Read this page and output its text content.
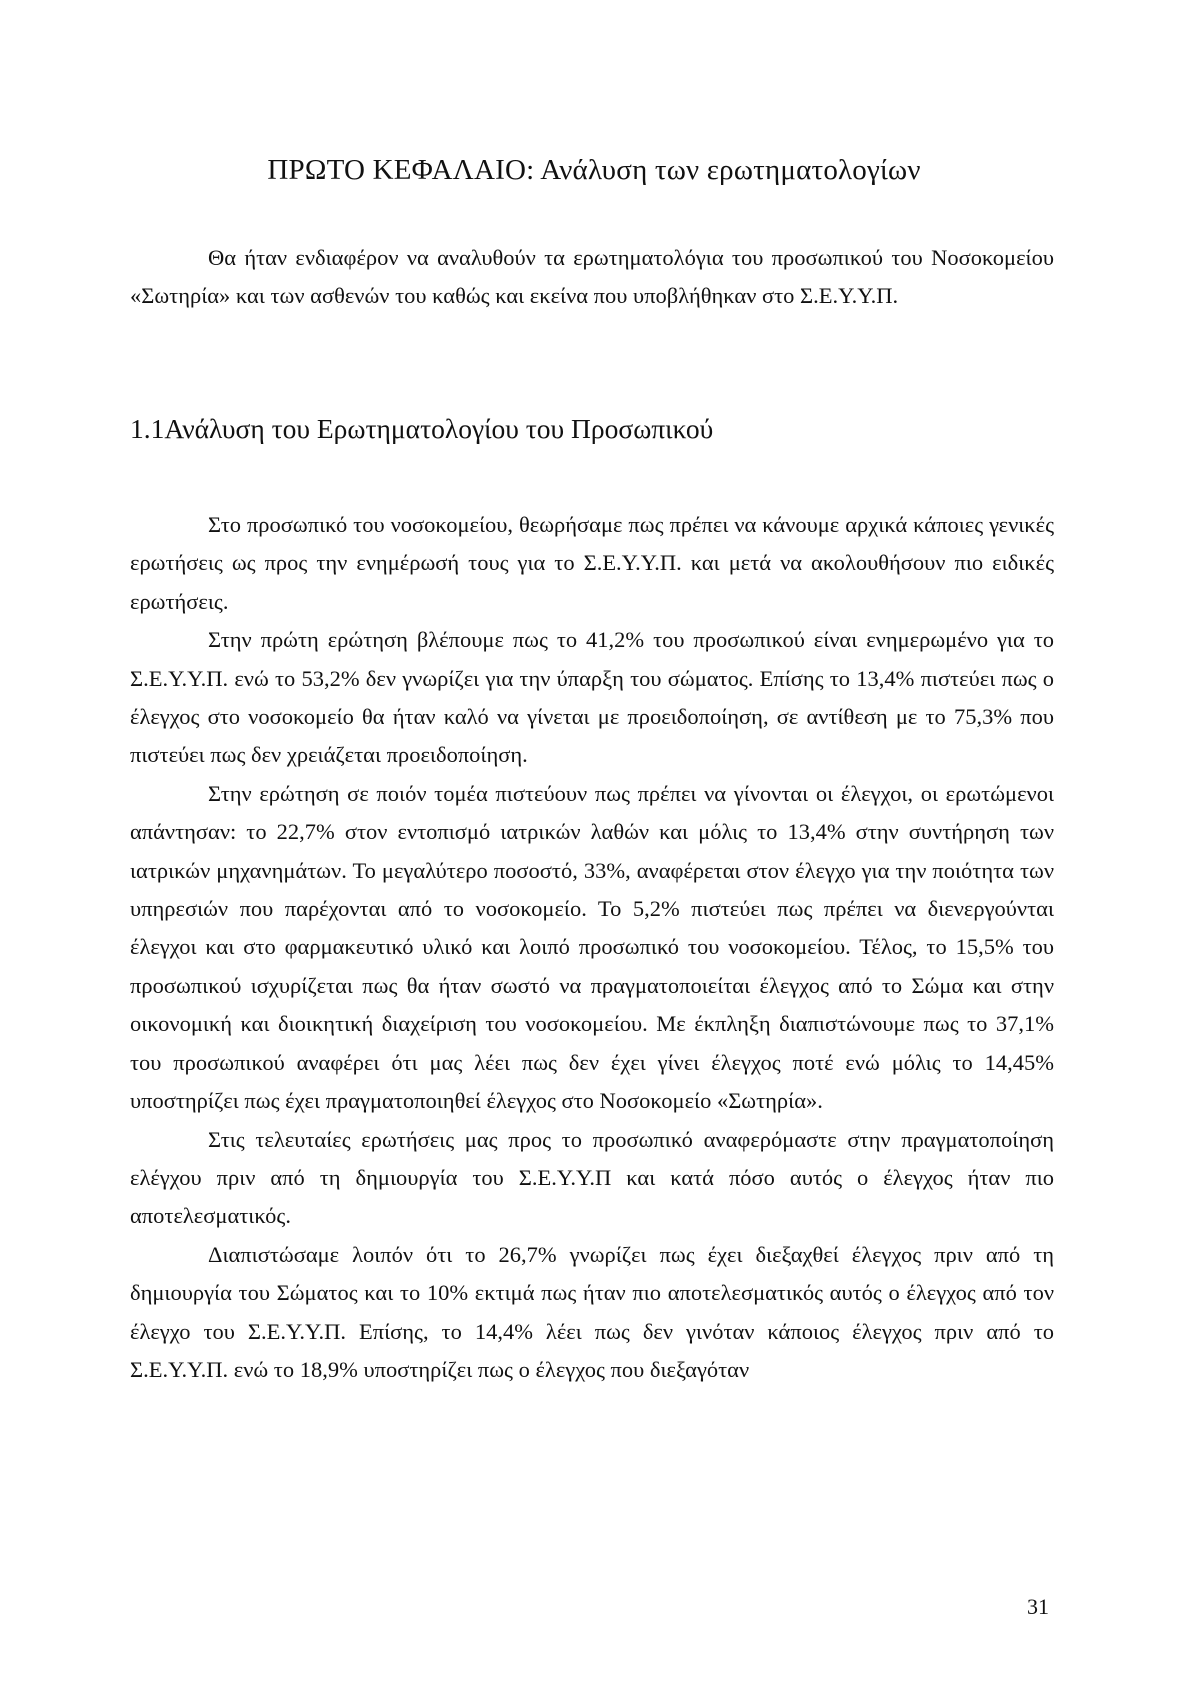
ΠΡΩΤΟ ΚΕΦΑΛΑΙΟ: Ανάλυση των ερωτηματολογίων

Θα ήταν ενδιαφέρον να αναλυθούν τα ερωτηματολόγια του προσωπικού του Νοσοκομείου «Σωτηρία» και των ασθενών του καθώς και εκείνα που υποβλήθηκαν στο Σ.Ε.Υ.Υ.Π.

1.1Ανάλυση του Ερωτηματολογίου του Προσωπικού

Στο προσωπικό του νοσοκομείου, θεωρήσαμε πως πρέπει να κάνουμε αρχικά κάποιες γενικές ερωτήσεις ως προς την ενημέρωσή τους για το Σ.Ε.Υ.Υ.Π. και μετά να ακολουθήσουν πιο ειδικές ερωτήσεις.

Στην πρώτη ερώτηση βλέπουμε πως το 41,2% του προσωπικού είναι ενημερωμένο για το Σ.Ε.Υ.Υ.Π. ενώ το 53,2% δεν γνωρίζει για την ύπαρξη του σώματος. Επίσης το 13,4% πιστεύει πως ο έλεγχος στο νοσοκομείο θα ήταν καλό να γίνεται με προειδοποίηση, σε αντίθεση με το 75,3% που πιστεύει πως δεν χρειάζεται προειδοποίηση.

Στην ερώτηση σε ποιόν τομέα πιστεύουν πως πρέπει να γίνονται οι έλεγχοι, οι ερωτώμενοι απάντησαν: το 22,7% στον εντοπισμό ιατρικών λαθών και μόλις το 13,4% στην συντήρηση των ιατρικών μηχανημάτων. Το μεγαλύτερο ποσοστό, 33%, αναφέρεται στον έλεγχο για την ποιότητα των υπηρεσιών που παρέχονται από το νοσοκομείο. Το 5,2% πιστεύει πως πρέπει να διενεργούνται έλεγχοι και στο φαρμακευτικό υλικό και λοιπό προσωπικό του νοσοκομείου. Τέλος, το 15,5% του προσωπικού ισχυρίζεται πως θα ήταν σωστό να πραγματοποιείται έλεγχος από το Σώμα και στην οικονομική και διοικητική διαχείριση του νοσοκομείου. Με έκπληξη διαπιστώνουμε πως το 37,1% του προσωπικού αναφέρει ότι μας λέει πως δεν έχει γίνει έλεγχος ποτέ ενώ μόλις το 14,45% υποστηρίζει πως έχει πραγματοποιηθεί έλεγχος στο Νοσοκομείο «Σωτηρία».

Στις τελευταίες ερωτήσεις μας προς το προσωπικό αναφερόμαστε στην πραγματοποίηση ελέγχου πριν από τη δημιουργία του Σ.Ε.Υ.Υ.Π και κατά πόσο αυτός ο έλεγχος ήταν πιο αποτελεσματικός.

Διαπιστώσαμε λοιπόν ότι το 26,7% γνωρίζει πως έχει διεξαχθεί έλεγχος πριν από τη δημιουργία του Σώματος και το 10% εκτιμά πως ήταν πιο αποτελεσματικός αυτός ο έλεγχος από τον έλεγχο του Σ.Ε.Υ.Υ.Π. Επίσης, το 14,4% λέει πως δεν γινόταν κάποιος έλεγχος πριν από το Σ.Ε.Υ.Υ.Π. ενώ το 18,9% υποστηρίζει πως ο έλεγχος που διεξαγόταν

31
